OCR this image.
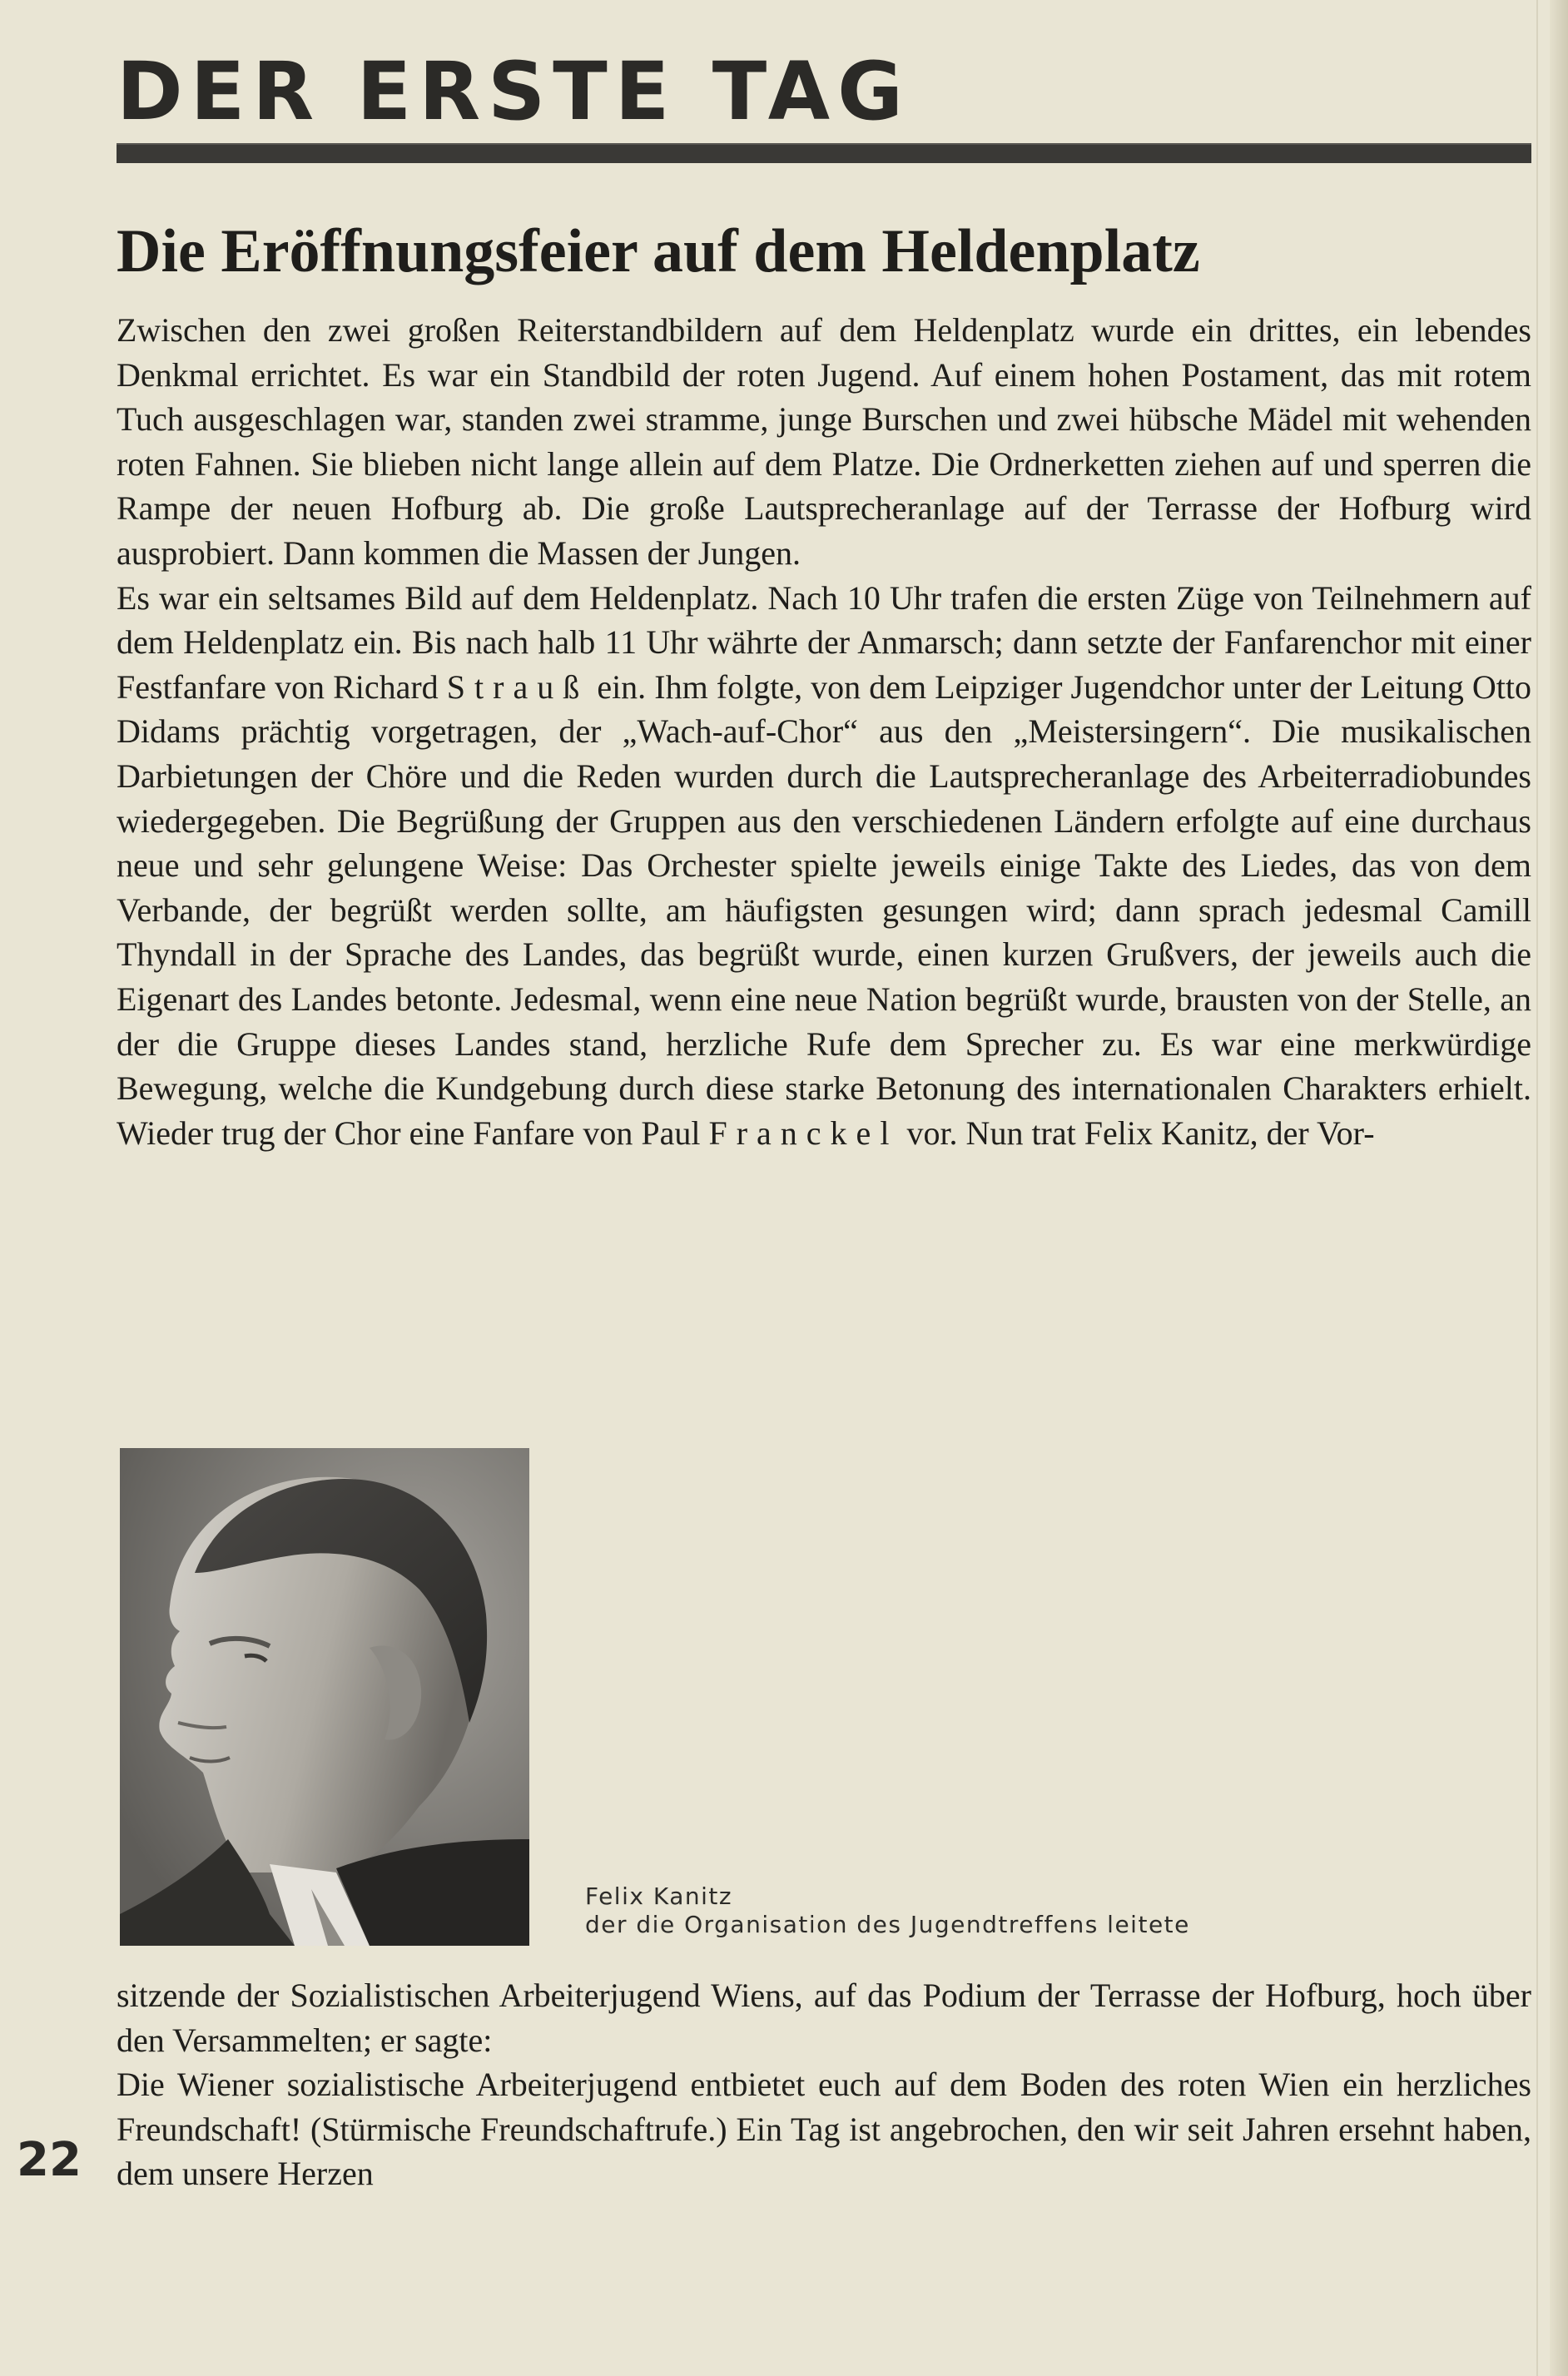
DER ERSTE TAG
Die Eröffnungsfeier auf dem Heldenplatz

Zwischen den zwei großen Reiterstandbildern auf dem Heldenplatz wurde ein drittes, ein lebendes Denkmal errichtet. Es war ein Standbild der roten Jugend. Auf einem hohen Postament, das mit rotem Tuch ausgeschlagen war, standen zwei stramme, junge Burschen und zwei hübsche Mädel mit wehenden roten Fahnen. Sie blieben nicht lange allein auf dem Platze. Die Ordnerketten ziehen auf und sperren die Rampe der neuen Hofburg ab. Die große Lautsprecheranlage auf der Terrasse der Hofburg wird ausprobiert. Dann kommen die Massen der Jungen.

Es war ein seltsames Bild auf dem Heldenplatz. Nach 10 Uhr trafen die ersten Züge von Teilnehmern auf dem Heldenplatz ein. Bis nach halb 11 Uhr währte der Anmarsch; dann setzte der Fanfarenchor mit einer Festfanfare von Richard Strauß ein. Ihm folgte, von dem Leipziger Jugendchor unter der Leitung Otto Didams prächtig vorgetragen, der „Wach-auf-Chor“ aus den „Meistersingern“. Die musikalischen Darbietungen der Chöre und die Reden wurden durch die Lautsprecheranlage des Arbeiterradiobundes wiedergegeben. Die Begrüßung der Gruppen aus den verschiedenen Ländern erfolgte auf eine durchaus neue und sehr gelungene Weise: Das Orchester spielte jeweils einige Takte des Liedes, das von dem Verbande, der begrüßt werden sollte, am häufigsten gesungen wird; dann sprach jedesmal Camill Thyndall in der Sprache des Landes, das begrüßt wurde, einen kurzen Grußvers, der jeweils auch die Eigenart des Landes betonte. Jedesmal, wenn eine neue Nation begrüßt wurde, brausten von der Stelle, an der die Gruppe dieses Landes stand, herzliche Rufe dem Sprecher zu. Es war eine merkwürdige Bewegung, welche die Kundgebung durch diese starke Betonung des internationalen Charakters erhielt. Wieder trug der Chor eine Fanfare von Paul Franckel vor. Nun trat Felix Kanitz, der Vor-

Felix Kanitz
der die Organisation des Jugendtreffens leitete

sitzende der Sozialistischen Arbeiterjugend Wiens, auf das Podium der Terrasse der Hofburg, hoch über den Versammelten; er sagte:

Die Wiener sozialistische Arbeiterjugend entbietet euch auf dem Boden des roten Wien ein herzliches Freundschaft! (Stürmische Freundschaftrufe.) Ein Tag ist angebrochen, den wir seit Jahren ersehnt haben, dem unsere Herzen

22
